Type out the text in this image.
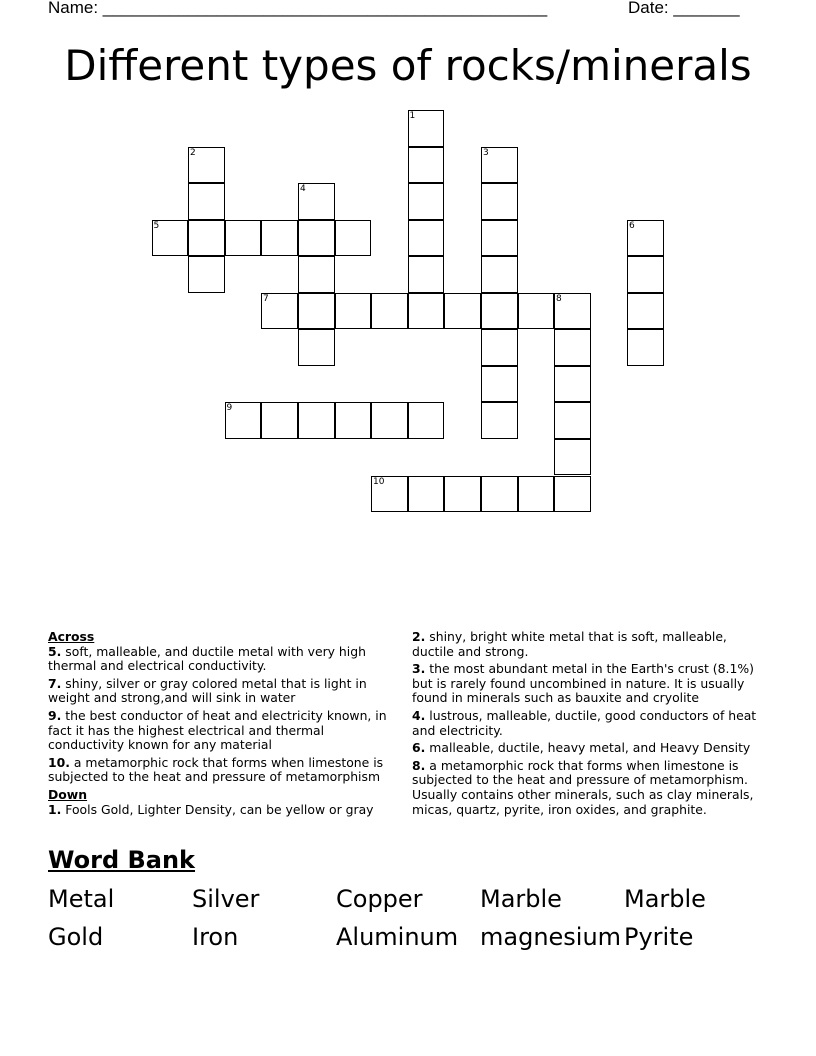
Name: _______________________________________________	Date: _______
Different types of rocks/minerals
1
2	3
4
5	6
7	8
9
10
Across
5. soft, malleable, and ductile metal with very high thermal and electrical conductivity.
7. shiny, silver or gray colored metal that is light in weight and strong,and will sink in water
9. the best conductor of heat and electricity known, in fact it has the highest electrical and thermal conductivity known for any material
10. a metamorphic rock that forms when limestone is subjected to the heat and pressure of metamorphism
Down
1. Fools Gold, Lighter Density, can be yellow or gray
2. shiny, bright white metal that is soft, malleable, ductile and strong.
3. the most abundant metal in the Earth's crust (8.1%) but is rarely found uncombined in nature. It is usually found in minerals such as bauxite and cryolite
4. lustrous, malleable, ductile, good conductors of heat and electricity.
6. malleable, ductile, heavy metal, and Heavy Density
8. a metamorphic rock that forms when limestone is subjected to the heat and pressure of metamorphism. Usually contains other minerals, such as clay minerals, micas, quartz, pyrite, iron oxides, and graphite.
Word Bank
Metal	Silver	Copper	Marble	Marble
Gold	Iron	Aluminum magnesium Pyrite
